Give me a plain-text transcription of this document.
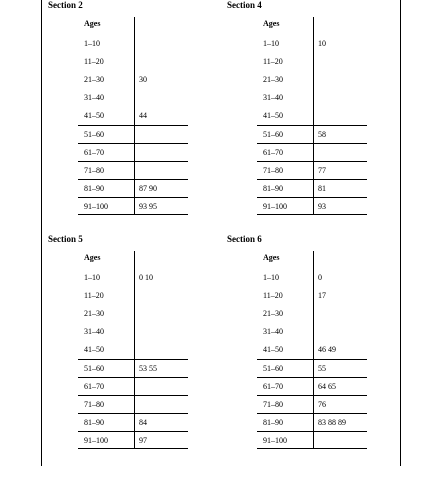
Section 2
Ages
1–10
11–20
21–30	30
31–40
41–50	44
51–60
61–70
71–80
81–90	87 90
91–100	93 95
Section 4
Ages
1–10	10
11–20
21–30
31–40
41–50
51–60	58
61–70
71–80	77
81–90	81
91–100	93
Section 5
Ages
1–10	0 10
11–20
21–30
31–40
41–50
51–60	53 55
61–70
71–80
81–90	84
91–100	97
Section 6
Ages
1–10	0
11–20	17
21–30
31–40
41–50	46 49
51–60	55
61–70	64 65
71–80	76
81–90	83 88 89
91–100
